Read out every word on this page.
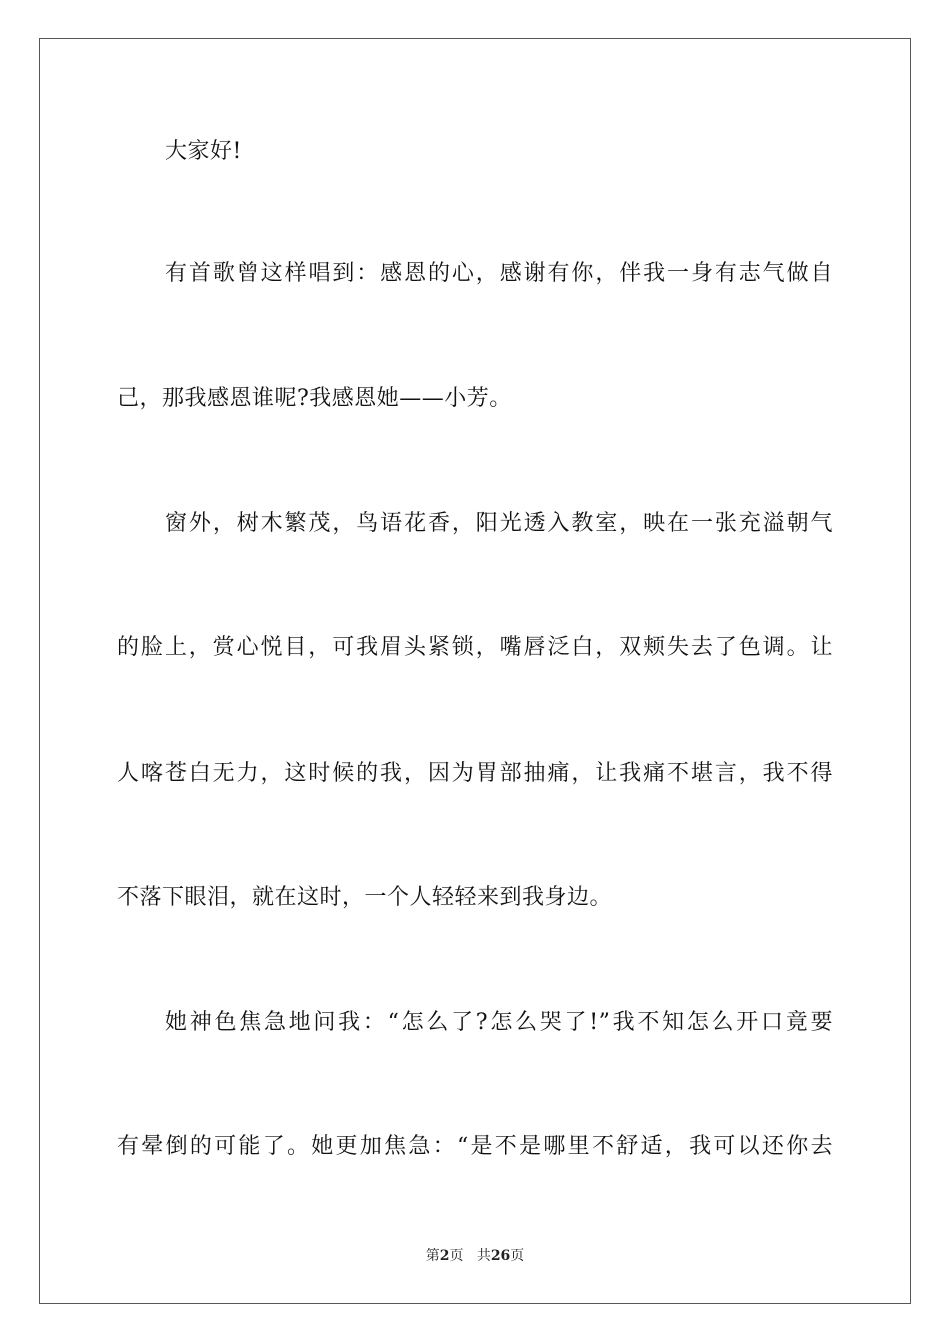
大家好!
有首歌曾这样唱到：感恩的心，感谢有你，伴我一身有志气做自
己，那我感恩谁呢?我感恩她——小芳。
窗外，树木繁茂，鸟语花香，阳光透入教室，映在一张充溢朝气
的脸上，赏心悦目，可我眉头紧锁，嘴唇泛白，双颊失去了色调。让
人喀苍白无力，这时候的我，因为胃部抽痛，让我痛不堪言，我不得
不落下眼泪，就在这时，一个人轻轻来到我身边。
她神色焦急地问我：“怎么了?怎么哭了!”我不知怎么开口竟要
有晕倒的可能了。她更加焦急：“是不是哪里不舒适，我可以还你去
第2页 共26页
